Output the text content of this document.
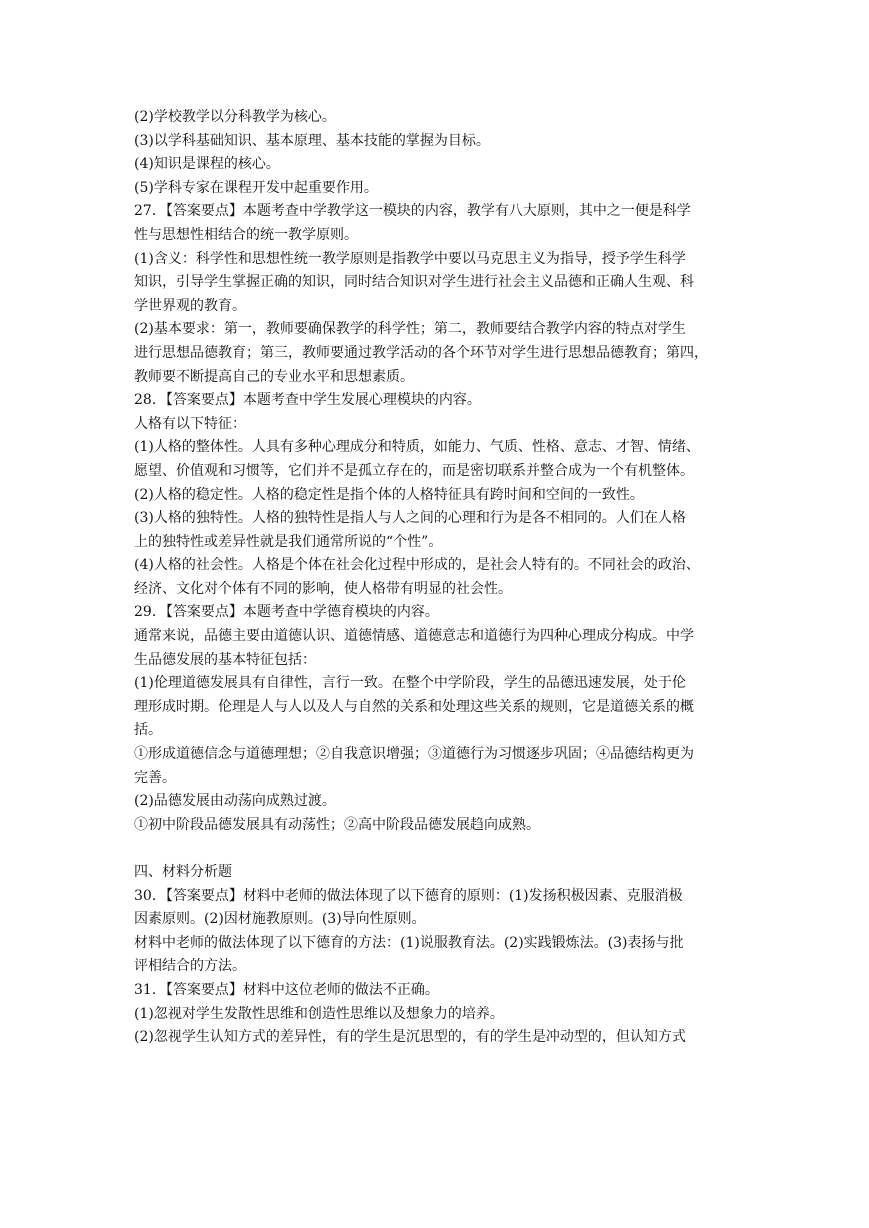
(2)学校教学以分科教学为核心。
(3)以学科基础知识、基本原理、基本技能的掌握为目标。
(4)知识是课程的核心。
(5)学科专家在课程开发中起重要作用。
27．【答案要点】本题考查中学教学这一模块的内容，教学有八大原则，其中之一便是科学
性与思想性相结合的统一教学原则。
(1)含义：科学性和思想性统一教学原则是指教学中要以马克思主义为指导，授予学生科学
知识，引导学生掌握正确的知识，同时结合知识对学生进行社会主义品德和正确人生观、科
学世界观的教育。
(2)基本要求：第一，教师要确保教学的科学性；第二，教师要结合教学内容的特点对学生
进行思想品德教育；第三，教师要通过教学活动的各个环节对学生进行思想品德教育；第四，
教师要不断提高自己的专业水平和思想素质。
28．【答案要点】本题考查中学生发展心理模块的内容。
人格有以下特征：
(1)人格的整体性。人具有多种心理成分和特质，如能力、气质、性格、意志、才智、情绪、
愿望、价值观和习惯等，它们并不是孤立存在的，而是密切联系并整合成为一个有机整体。
(2)人格的稳定性。人格的稳定性是指个体的人格特征具有跨时间和空间的一致性。
(3)人格的独特性。人格的独特性是指人与人之间的心理和行为是各不相同的。人们在人格
上的独特性或差异性就是我们通常所说的“个性”。
(4)人格的社会性。人格是个体在社会化过程中形成的，是社会人特有的。不同社会的政治、
经济、文化对个体有不同的影响，使人格带有明显的社会性。
29．【答案要点】本题考查中学德育模块的内容。
通常来说，品德主要由道德认识、道德情感、道德意志和道德行为四种心理成分构成。中学
生品德发展的基本特征包括：
(1)伦理道德发展具有自律性，言行一致。在整个中学阶段，学生的品德迅速发展，处于伦
理形成时期。伦理是人与人以及人与自然的关系和处理这些关系的规则，它是道德关系的概
括。
①形成道德信念与道德理想；②自我意识增强；③道德行为习惯逐步巩固；④品德结构更为
完善。
(2)品德发展由动荡向成熟过渡。
①初中阶段品德发展具有动荡性；②高中阶段品德发展趋向成熟。
四、材料分析题
30．【答案要点】材料中老师的做法体现了以下德育的原则：(1)发扬积极因素、克服消极
因素原则。(2)因材施教原则。(3)导向性原则。
材料中老师的做法体现了以下德育的方法：(1)说服教育法。(2)实践锻炼法。(3)表扬与批
评相结合的方法。
31．【答案要点】材料中这位老师的做法不正确。
(1)忽视对学生发散性思维和创造性思维以及想象力的培养。
(2)忽视学生认知方式的差异性，有的学生是沉思型的，有的学生是冲动型的，但认知方式
